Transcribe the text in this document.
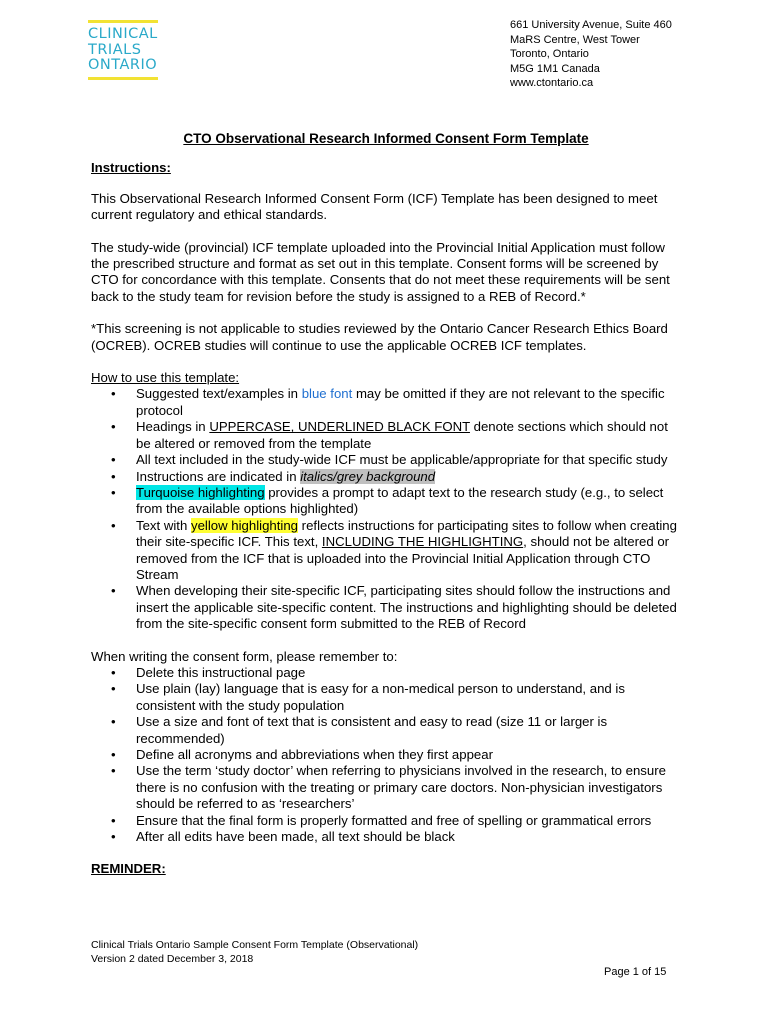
CLINICAL
TRIALS
ONTARIO
661 University Avenue, Suite 460
MaRS Centre, West Tower
Toronto, Ontario
M5G 1M1 Canada
www.ctontario.ca
CTO Observational Research Informed Consent Form Template
Instructions:

This Observational Research Informed Consent Form (ICF) Template has been designed to meet current regulatory and ethical standards.

The study-wide (provincial) ICF template uploaded into the Provincial Initial Application must follow the prescribed structure and format as set out in this template. Consent forms will be screened by CTO for concordance with this template. Consents that do not meet these requirements will be sent back to the study team for revision before the study is assigned to a REB of Record.*

*This screening is not applicable to studies reviewed by the Ontario Cancer Research Ethics Board (OCREB). OCREB studies will continue to use the applicable OCREB ICF templates.

How to use this template:
• Suggested text/examples in blue font may be omitted if they are not relevant to the specific protocol
• Headings in UPPERCASE, UNDERLINED BLACK FONT denote sections which should not be altered or removed from the template
• All text included in the study-wide ICF must be applicable/appropriate for that specific study
• Instructions are indicated in italics/grey background
• Turquoise highlighting provides a prompt to adapt text to the research study (e.g., to select from the available options highlighted)
• Text with yellow highlighting reflects instructions for participating sites to follow when creating their site-specific ICF. This text, INCLUDING THE HIGHLIGHTING, should not be altered or removed from the ICF that is uploaded into the Provincial Initial Application through CTO Stream
• When developing their site-specific ICF, participating sites should follow the instructions and insert the applicable site-specific content. The instructions and highlighting should be deleted from the site-specific consent form submitted to the REB of Record
When writing the consent form, please remember to:
• Delete this instructional page
• Use plain (lay) language that is easy for a non-medical person to understand, and is consistent with the study population
• Use a size and font of text that is consistent and easy to read (size 11 or larger is recommended)
• Define all acronyms and abbreviations when they first appear
• Use the term ‘study doctor’ when referring to physicians involved in the research, to ensure there is no confusion with the treating or primary care doctors. Non-physician investigators should be referred to as ‘researchers’
• Ensure that the final form is properly formatted and free of spelling or grammatical errors
• After all edits have been made, all text should be black
REMINDER:
Clinical Trials Ontario Sample Consent Form Template (Observational)
Version 2 dated December 3, 2018
Page 1 of 15
